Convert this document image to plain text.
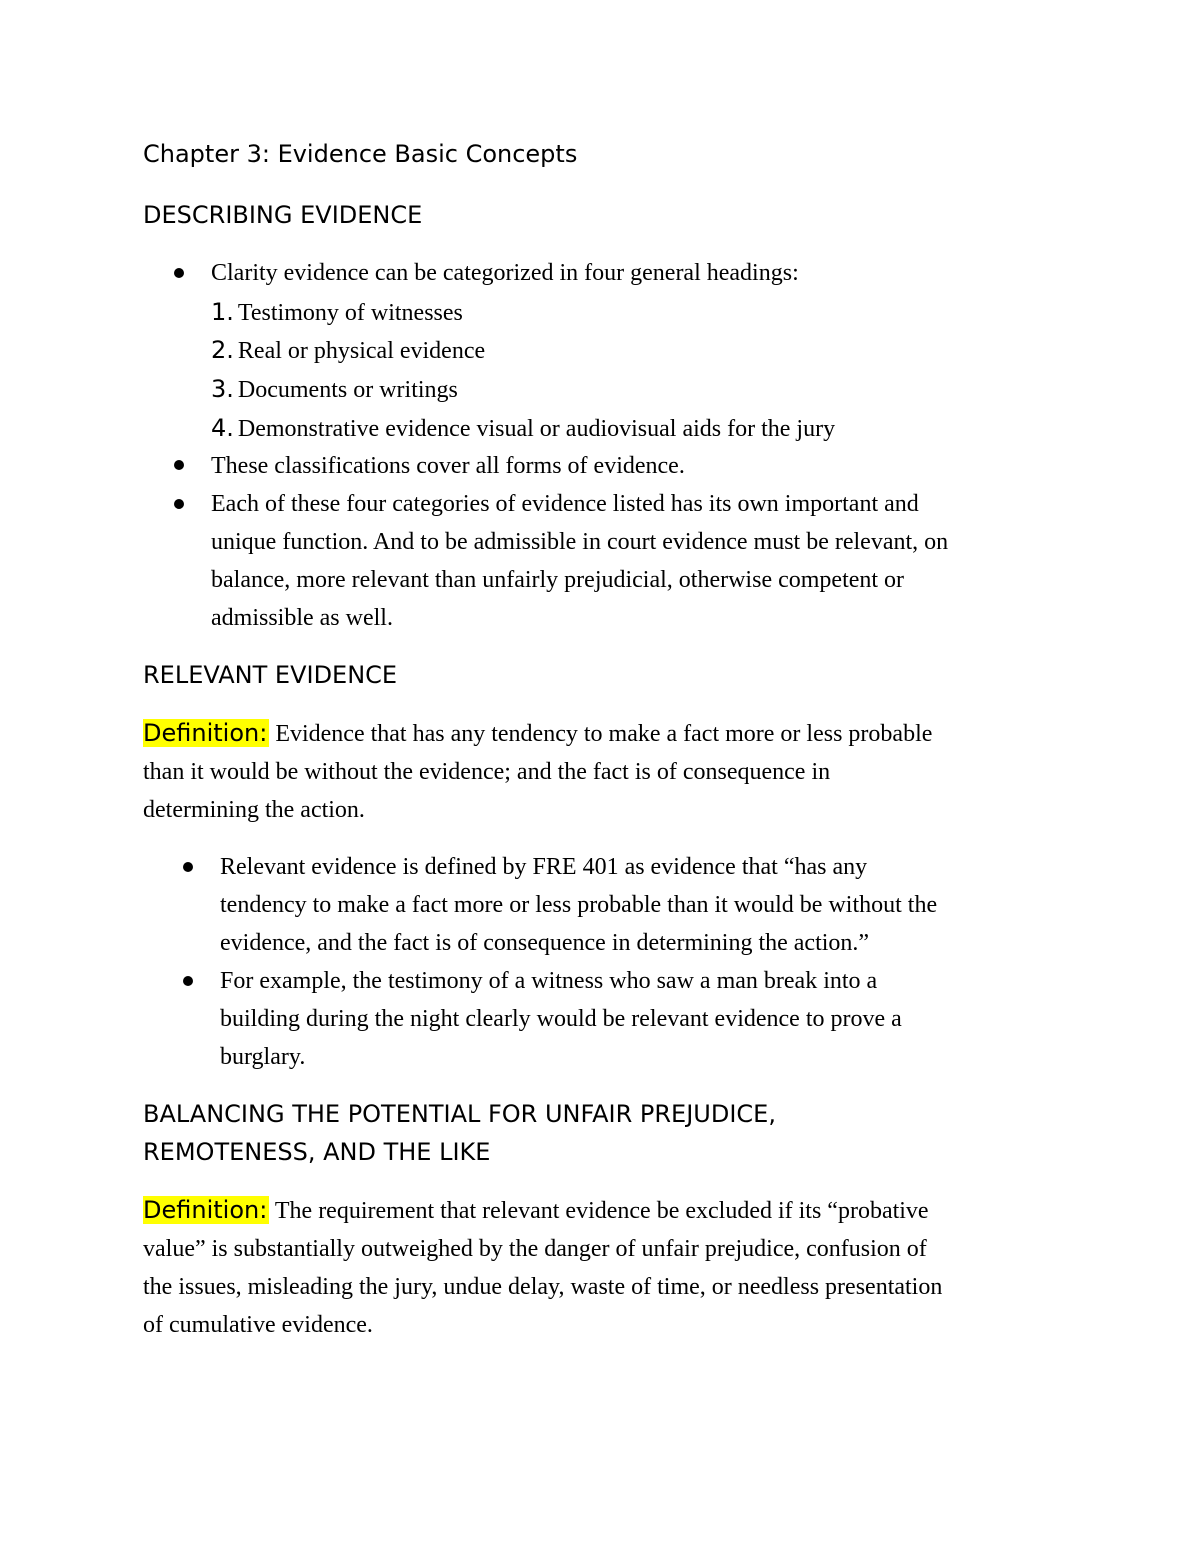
Chapter 3: Evidence Basic Concepts
DESCRIBING EVIDENCE
Clarity evidence can be categorized in four general headings:
1. Testimony of witnesses
2. Real or physical evidence
3. Documents or writings
4. Demonstrative evidence visual or audiovisual aids for the jury
These classifications cover all forms of evidence.
Each of these four categories of evidence listed has its own important and
unique function. And to be admissible in court evidence must be relevant, on
balance, more relevant than unfairly prejudicial, otherwise competent or
admissible as well.
RELEVANT EVIDENCE
Definition: Evidence that has any tendency to make a fact more or less probable
than it would be without the evidence; and the fact is of consequence in
determining the action.
Relevant evidence is defined by FRE 401 as evidence that “has any
tendency to make a fact more or less probable than it would be without the
evidence, and the fact is of consequence in determining the action.”
For example, the testimony of a witness who saw a man break into a
building during the night clearly would be relevant evidence to prove a
burglary.
BALANCING THE POTENTIAL FOR UNFAIR PREJUDICE,
REMOTENESS, AND THE LIKE
Definition: The requirement that relevant evidence be excluded if its “probative
value” is substantially outweighed by the danger of unfair prejudice, confusion of
the issues, misleading the jury, undue delay, waste of time, or needless presentation
of cumulative evidence.
